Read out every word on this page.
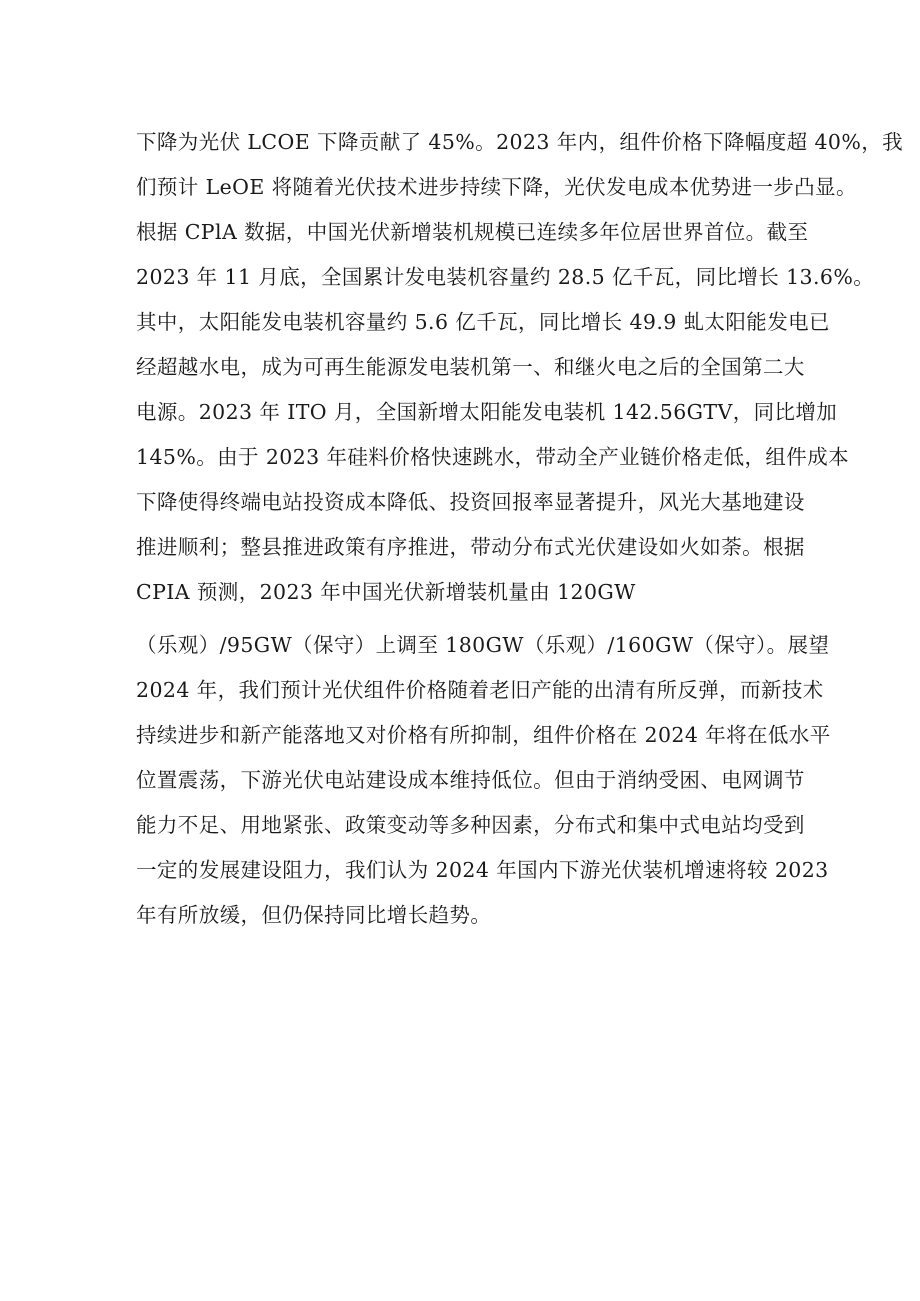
下降为光伏 LCOE 下降贡献了 45%。2023 年内，组件价格下降幅度超 40%，我
们预计 LeOE 将随着光伏技术进步持续下降，光伏发电成本优势进一步凸显。
根据 CPlA 数据，中国光伏新增装机规模已连续多年位居世界首位。截至
2023 年 11 月底，全国累计发电装机容量约 28.5 亿千瓦，同比增长 13.6%。
其中，太阳能发电装机容量约 5.6 亿千瓦，同比增长 49.9 虬太阳能发电已
经超越水电，成为可再生能源发电装机第一、和继火电之后的全国第二大
电源。2023 年 ITO 月，全国新增太阳能发电装机 142.56GTV，同比增加
145%。由于 2023 年硅料价格快速跳水，带动全产业链价格走低，组件成本
下降使得终端电站投资成本降低、投资回报率显著提升，风光大基地建设
推进顺利；整县推进政策有序推进，带动分布式光伏建设如火如荼。根据
CPIA 预测，2023 年中国光伏新增装机量由 120GW
（乐观）/95GW（保守）上调至 180GW（乐观）/160GW（保守）。展望
2024 年，我们预计光伏组件价格随着老旧产能的出清有所反弹，而新技术
持续进步和新产能落地又对价格有所抑制，组件价格在 2024 年将在低水平
位置震荡，下游光伏电站建设成本维持低位。但由于消纳受困、电网调节
能力不足、用地紧张、政策变动等多种因素，分布式和集中式电站均受到
一定的发展建设阻力，我们认为 2024 年国内下游光伏装机增速将较 2023
年有所放缓，但仍保持同比增长趋势。
